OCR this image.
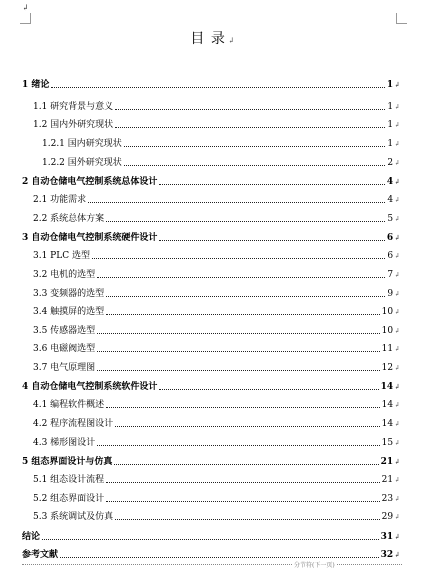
↲
目 录 ↲
1 绪论	1 ↲
1.1 研究背景与意义	1 ↲
1.2 国内外研究现状	1 ↲
1.2.1 国内研究现状	1 ↲
1.2.2 国外研究现状	2 ↲
2 自动仓储电气控制系统总体设计	4 ↲
2.1 功能需求	4 ↲
2.2 系统总体方案	5 ↲
3 自动仓储电气控制系统硬件设计	6 ↲
3.1 PLC 选型	6 ↲
3.2 电机的选型	7 ↲
3.3 变频器的选型	9 ↲
3.4 触摸屏的选型	10 ↲
3.5 传感器选型	10 ↲
3.6 电磁阀选型	11 ↲
3.7 电气原理图	12 ↲
4 自动仓储电气控制系统软件设计	14 ↲
4.1 编程软件概述	14 ↲
4.2 程序流程图设计	14 ↲
4.3 梯形图设计	15 ↲
5 组态界面设计与仿真	21 ↲
5.1 组态设计流程	21 ↲
5.2 组态界面设计	23 ↲
5.3 系统调试及仿真	29 ↲
结论	31 ↲
参考文献	32 ↲
分节符(下一页)
